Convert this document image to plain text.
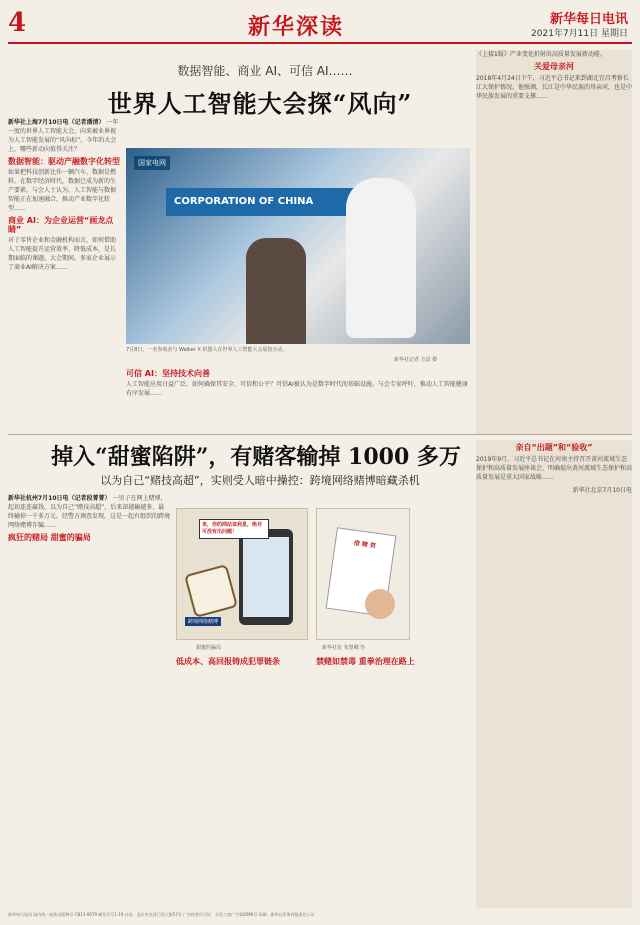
4	新华深读	新华每日电讯
2021年7月11日 星期日
数据智能、商业 AI、可信 AI……
世界人工智能大会探“风向”
新华社上海7月10日电（记者潘清） 一年一度的世界人工智能大会，向来被业界视为人工智能发展的“风向标”。今年的大会上，哪些新动向值得关注？
数据智能：驱动产融数字化转型
如果把科技创新比作一辆汽车，数据是燃料。在数字经济时代，数据已成为新的生产要素。与会人士认为，人工智能与数据智能正在加速融合，推动产业数字化转型……
商业 AI：为企业运营“画龙点睛”
对于零售企业和金融机构而言，如何借助人工智能提升运营效率、降低成本，是长期面临的课题。大会期间，多家企业展示了商业AI解决方案……
国家电网
CORPORATION OF CHINA
7月8日，一名参观者与 Walker X 机器人在世界人工智能大会展馆互动。
新华社记者 方喆 摄
可信 AI：坚持技术向善
人工智能应用日益广泛，如何确保其安全、可信和公平？可信AI被认为是数字时代的基础设施。与会专家呼吁，推动人工智能健康有序发展……
《上接1版》产业变化折射出高质量发展新动能。
关爱母亲河
2018年4月24日下午，习近平总书记来到湖北宜昌考察长江大保护情况。他强调，长江是中华民族的母亲河，也是中华民族发展的重要支撑……
掉入“甜蜜陷阱”，有赌客输掉 1000 多万
以为自己“赌技高超”，实则受人暗中操控：跨境网络赌博暗藏杀机
新华社杭州7月10日电（记者段菁菁） 一男子在网上赌博，起初连连赢钱，以为自己“赌技高超”，后来却越输越多，最终输掉一千多万元。经警方调查发现，这是一起有组织的跨境网络赌博诈骗……
疯狂的赌局 甜蜜的骗局
来，你的网站该利息，绝对可没有出问题！
跨境网络赌博
借 赌 资
甜蜜的骗局	新华社发 朱慧卿 作
低成本、高回报铸成犯罪链条	禁赌如禁毒 重拳治理在路上
亲自“出题”和“验收”
2019年9月，习近平总书记在河南主持召开黄河流域生态保护和高质量发展座谈会，明确提出黄河流域生态保护和高质量发展是重大国家战略……
新华社北京7月10日电
新华每日电讯 国内统一连续出版物号 CN11-0079 邮发代号1-19 社址：北京市宣武门西大街57号 广告经营许可证：京西工商广字第0096号 印刷：新华社印务有限责任公司
